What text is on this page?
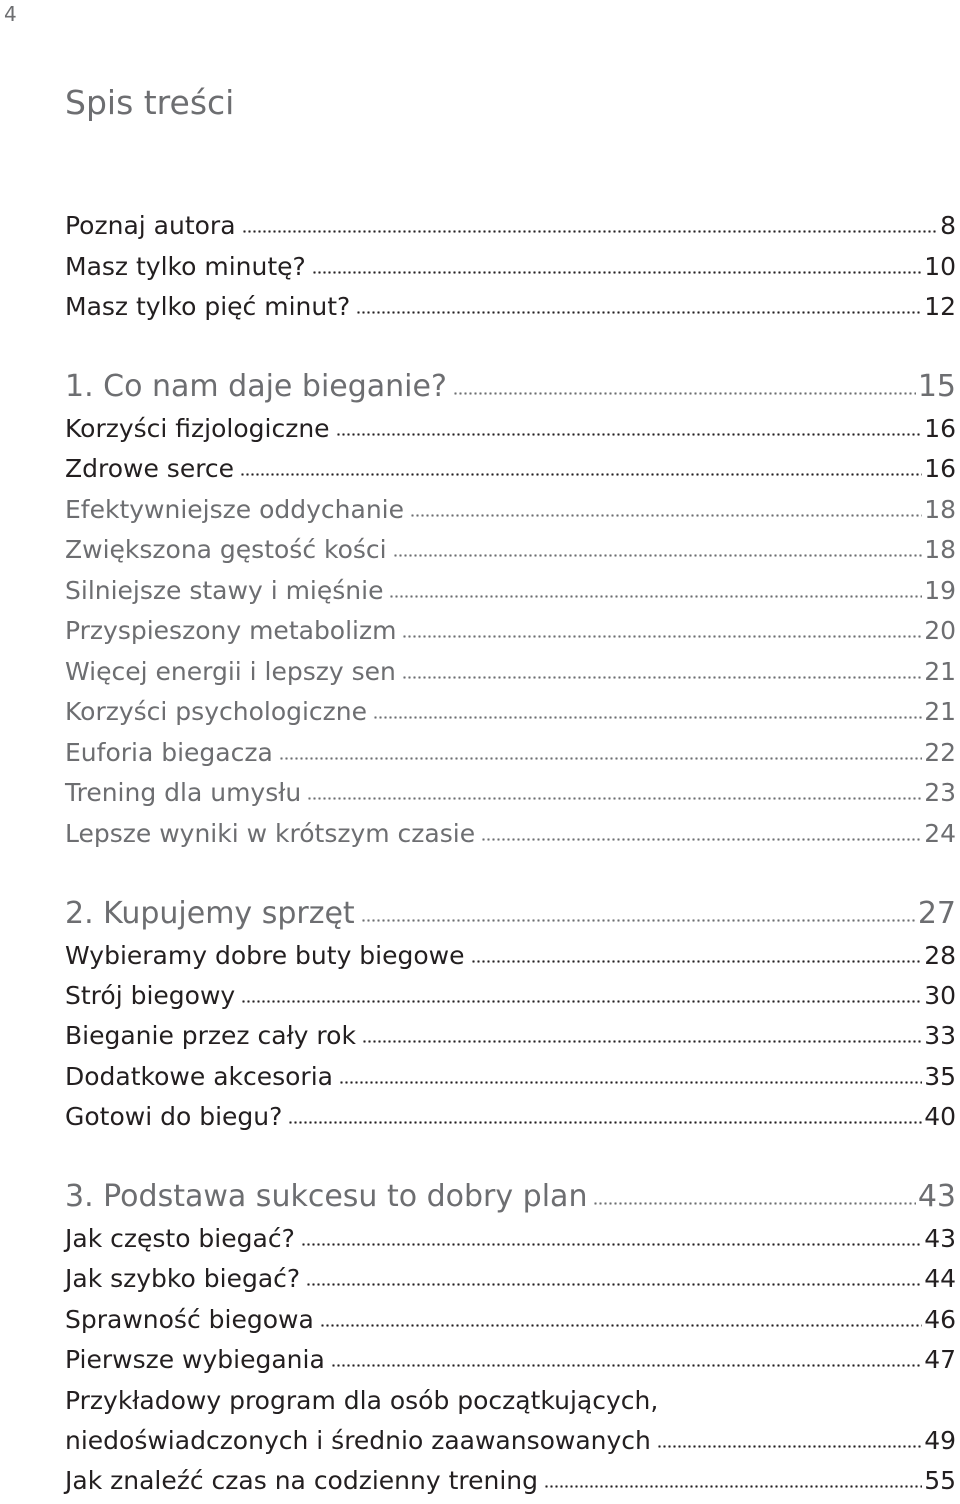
4
Spis treści
Poznaj autora	8
Masz tylko minutę?	10
Masz tylko pięć minut?	12
1. Co nam daje bieganie?	15
Korzyści fizjologiczne	16
Zdrowe serce	16
Efektywniejsze oddychanie	18
Zwiększona gęstość kości	18
Silniejsze stawy i mięśnie	19
Przyspieszony metabolizm	20
Więcej energii i lepszy sen	21
Korzyści psychologiczne	21
Euforia biegacza	22
Trening dla umysłu	23
Lepsze wyniki w krótszym czasie	24
2. Kupujemy sprzęt	27
Wybieramy dobre buty biegowe	28
Strój biegowy	30
Bieganie przez cały rok	33
Dodatkowe akcesoria	35
Gotowi do biegu?	40
3. Podstawa sukcesu to dobry plan	43
Jak często biegać?	43
Jak szybko biegać?	44
Sprawność biegowa	46
Pierwsze wybiegania	47
Przykładowy program dla osób początkujących,
niedoświadczonych i średnio zaawansowanych	49
Jak znaleźć czas na codzienny trening	55
